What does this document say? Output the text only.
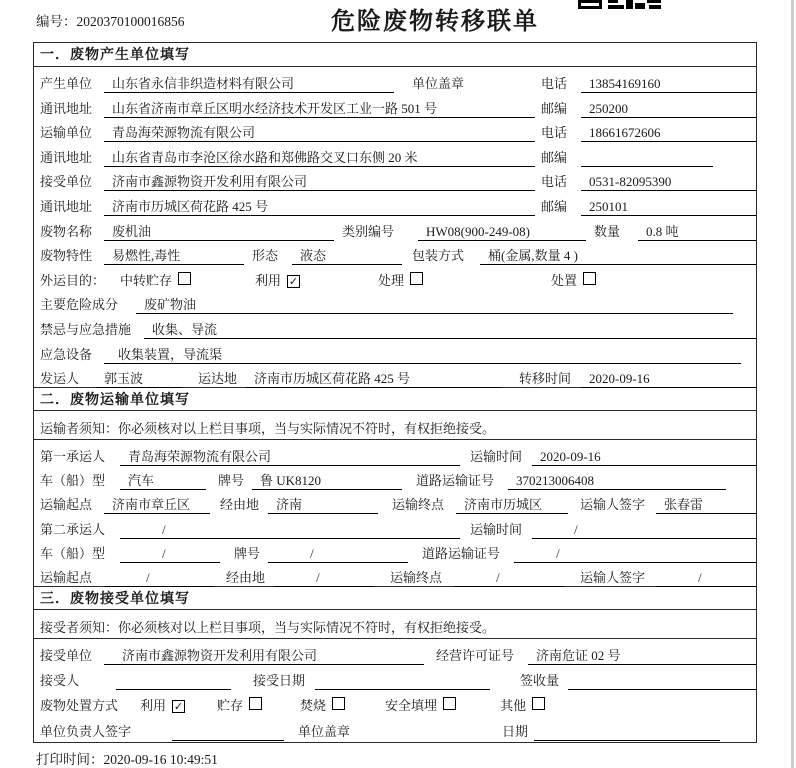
编号：2020370100016856	危险废物转移联单
一．废物产生单位填写
产生单位	山东省永信非织造材料有限公司	单位盖章	电话	13854169160
通讯地址	山东省济南市章丘区明水经济技术开发区工业一路 501 号	邮编	250200
运输单位	青岛海荣源物流有限公司	电话	18661672606
通讯地址	山东省青岛市李沧区徐水路和郑佛路交叉口东侧 20 米	邮编
接受单位	济南市鑫源物资开发利用有限公司	电话	0531-82095390
通讯地址	济南市历城区荷花路 425 号	邮编	250101
废物名称	废机油	类别编号	HW08(900-249-08)	数量	0.8 吨
废物特性	易燃性,毒性	形态	液态	包装方式	桶(金属,数量 4 )
外运目的：	中转贮存	利用 ✓	处理	处置
主要危险成分	废矿物油
禁忌与应急措施	收集、导流
应急设备	收集装置，导流渠
发运人	郭玉波	运达地	济南市历城区荷花路 425 号	转移时间	2020-09-16
二．废物运输单位填写
运输者须知：你必须核对以上栏目事项，当与实际情况不符时，有权拒绝接受。
第一承运人	青岛海荣源物流有限公司	运输时间	2020-09-16
车（船）型	汽车	牌号	鲁 UK8120	道路运输证号	370213006408
运输起点	济南市章丘区	经由地	济南	运输终点	济南市历城区	运输人签字	张春雷
第二承运人	/	运输时间	/
车（船）型	/	牌号	/	道路运输证号	/
运输起点	/	经由地	/	运输终点	/	运输人签字	/
三．废物接受单位填写
接受者须知：你必须核对以上栏目事项，当与实际情况不符时，有权拒绝接受。
接受单位	济南市鑫源物资开发利用有限公司	经营许可证号	济南危证 02 号
接受人	接受日期	签收量
废物处置方式	利用 ✓	贮存	焚烧	安全填埋	其他
单位负责人签字	单位盖章	日期
打印时间：2020-09-16 10:49:51
